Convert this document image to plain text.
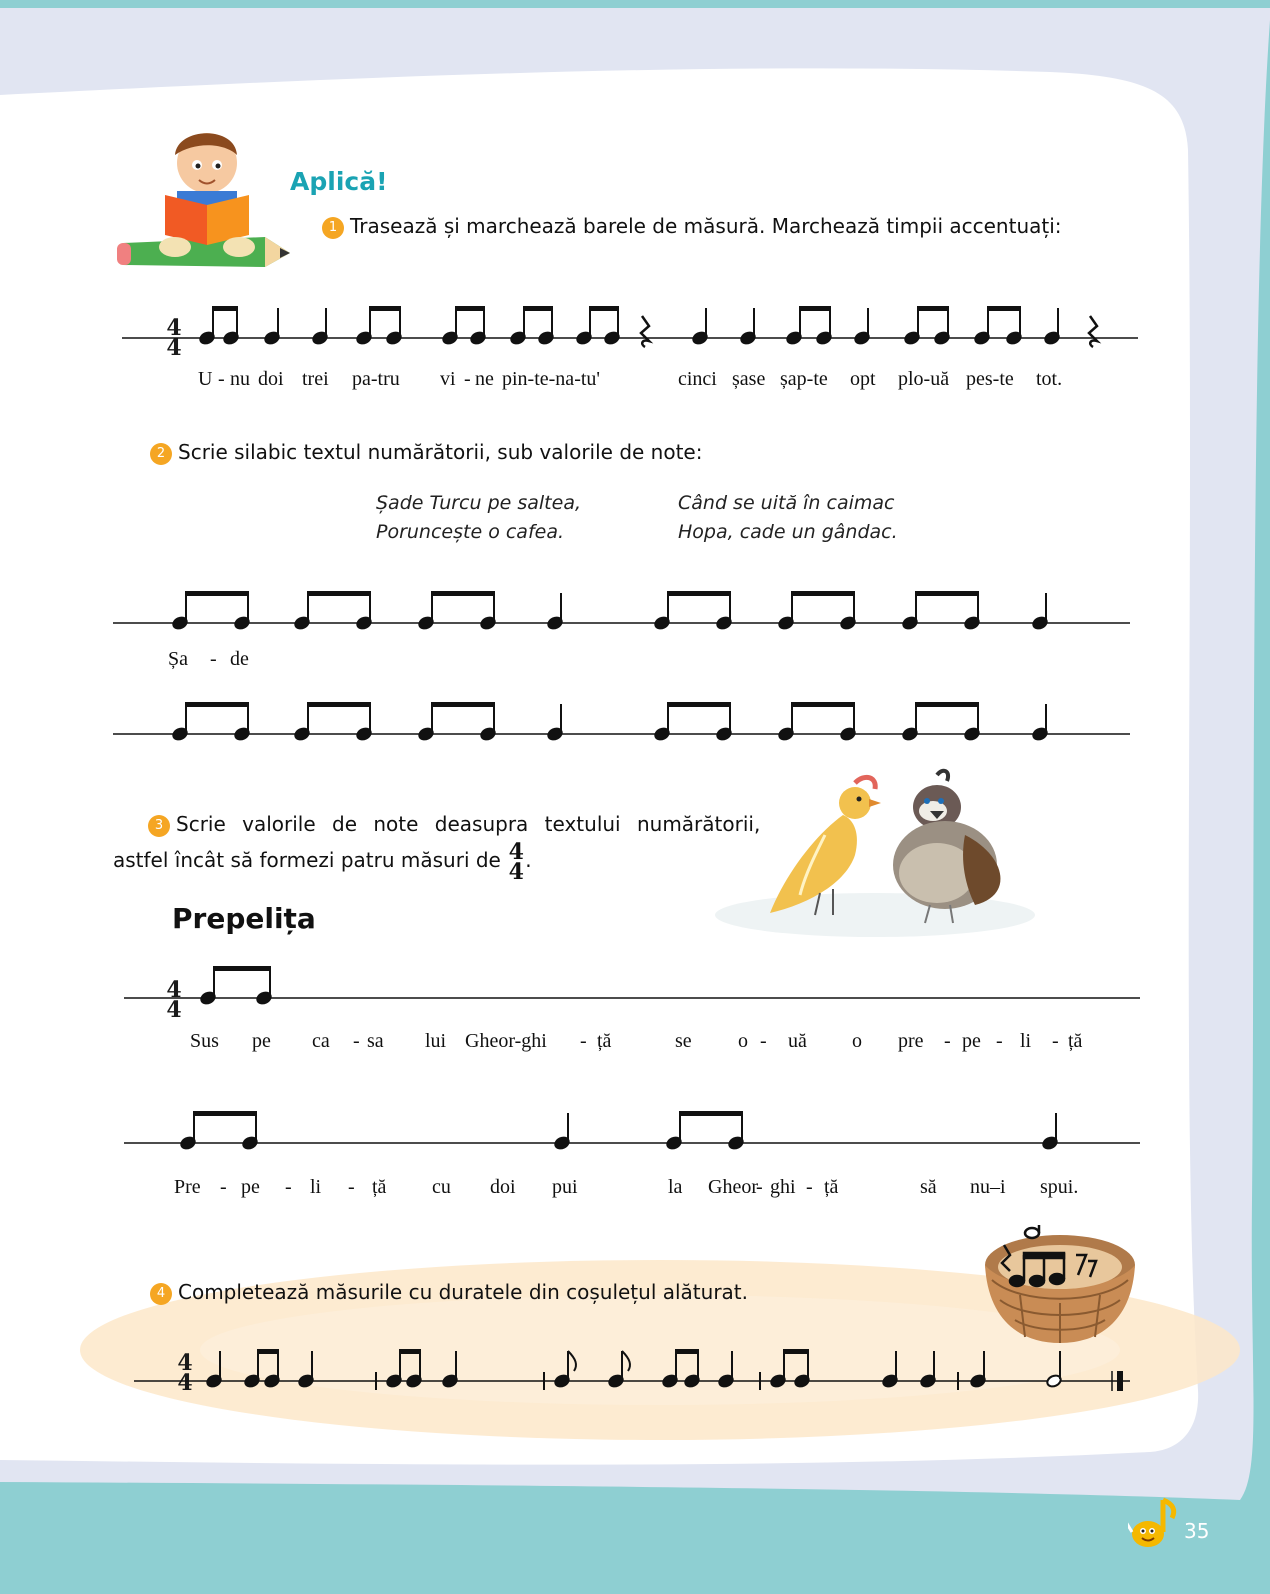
Aplică!
1 Trasează și marchează barele de măsură. Marchează timpii accentuați:
4
4
U - nu doi trei pa-tru vi - ne pin-te-na-tu'	cinci șase șap-te opt plo-uă pes-te tot.
2 Scrie silabic textul numărătorii, sub valorile de note:
Șade Turcu pe saltea,
Poruncește o cafea.
Când se uită în caimac
Hopa, cade un gândac.
Șa - de
3 Scrie valorile de note deasupra textului numărătorii,
astfel încât să formezi patru măsuri de 4
4 .
Prepelița
4
4
Sus pe ca - sa lui Gheor-ghi - ță	se o - uă o pre - pe - li - ță
Pre - pe - li - ță cu doi pui	la Gheor
- ghi - ță	să nu–i spui.
4 Completează măsurile cu duratele din coșulețul alăturat.
4
4
35
